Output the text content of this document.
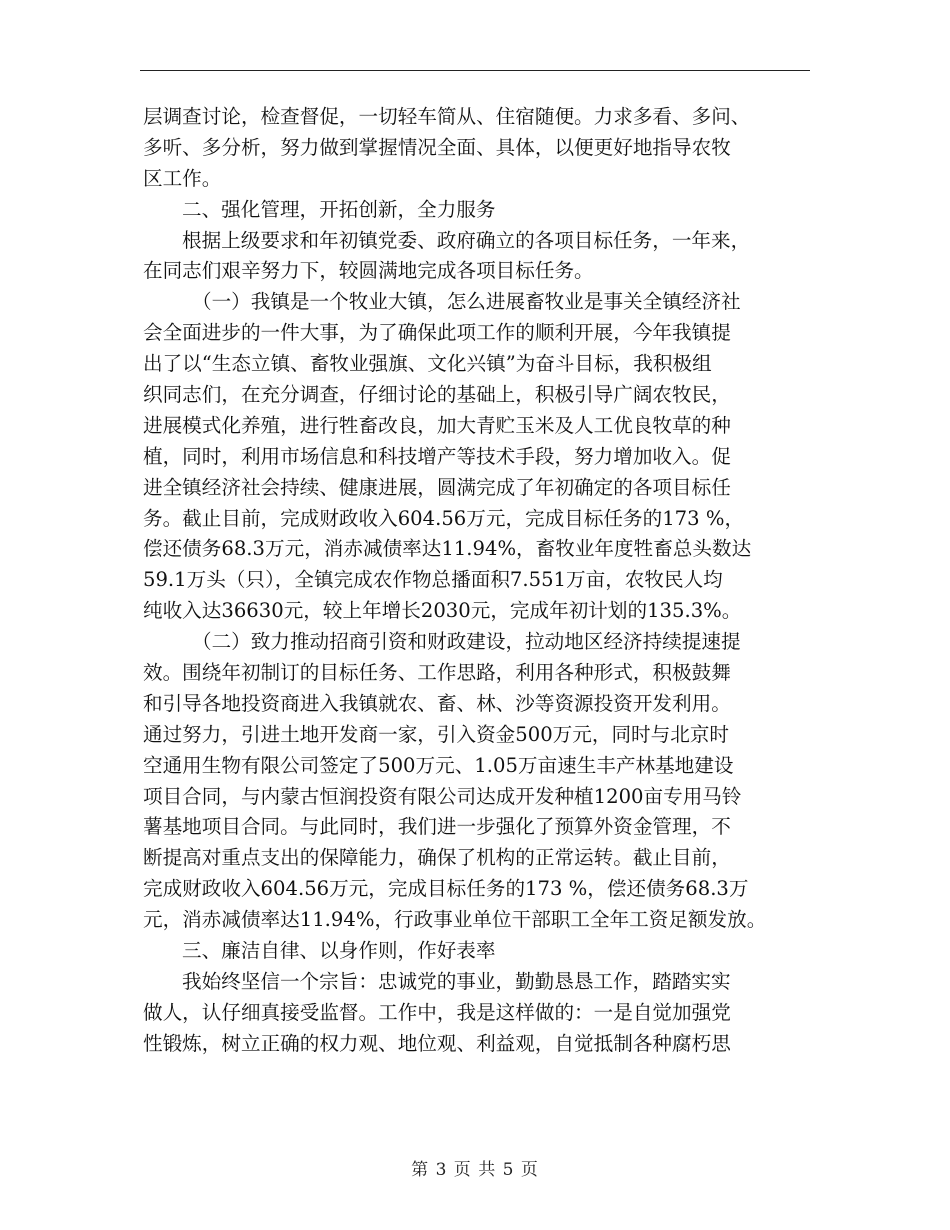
层调查讨论，检查督促，一切轻车简从、住宿随便。力求多看、多问、
多听、多分析，努力做到掌握情况全面、具体，以便更好地指导农牧
区工作。
二、强化管理，开拓创新，全力服务
根据上级要求和年初镇党委、政府确立的各项目标任务，一年来，
在同志们艰辛努力下，较圆满地完成各项目标任务。
（一）我镇是一个牧业大镇，怎么进展畜牧业是事关全镇经济社
会全面进步的一件大事，为了确保此项工作的顺利开展，今年我镇提
出了以“生态立镇、畜牧业强旗、文化兴镇”为奋斗目标，我积极组
织同志们，在充分调查，仔细讨论的基础上，积极引导广阔农牧民，
进展模式化养殖，进行牲畜改良，加大青贮玉米及人工优良牧草的种
植，同时，利用市场信息和科技增产等技术手段，努力增加收入。促
进全镇经济社会持续、健康进展，圆满完成了年初确定的各项目标任
务。截止目前，完成财政收入604.56万元，完成目标任务的173 %，
偿还债务68.3万元，消赤减债率达11.94%，畜牧业年度牲畜总头数达
59.1万头（只），全镇完成农作物总播面积7.551万亩，农牧民人均
纯收入达36630元，较上年增长2030元，完成年初计划的135.3%。
（二）致力推动招商引资和财政建设，拉动地区经济持续提速提
效。围绕年初制订的目标任务、工作思路，利用各种形式，积极鼓舞
和引导各地投资商进入我镇就农、畜、林、沙等资源投资开发利用。
通过努力，引进土地开发商一家，引入资金500万元，同时与北京时
空通用生物有限公司签定了500万元、1.05万亩速生丰产林基地建设
项目合同，与内蒙古恒润投资有限公司达成开发种植1200亩专用马铃
薯基地项目合同。与此同时，我们进一步强化了预算外资金管理，不
断提高对重点支出的保障能力，确保了机构的正常运转。截止目前，
完成财政收入604.56万元，完成目标任务的173 %，偿还债务68.3万
元，消赤减债率达11.94%，行政事业单位干部职工全年工资足额发放。
三、廉洁自律、以身作则，作好表率
我始终坚信一个宗旨：忠诚党的事业，勤勤恳恳工作，踏踏实实
做人，认仔细真接受监督。工作中，我是这样做的：一是自觉加强党
性锻炼，树立正确的权力观、地位观、利益观，自觉抵制各种腐朽思
第 3 页 共 5 页
